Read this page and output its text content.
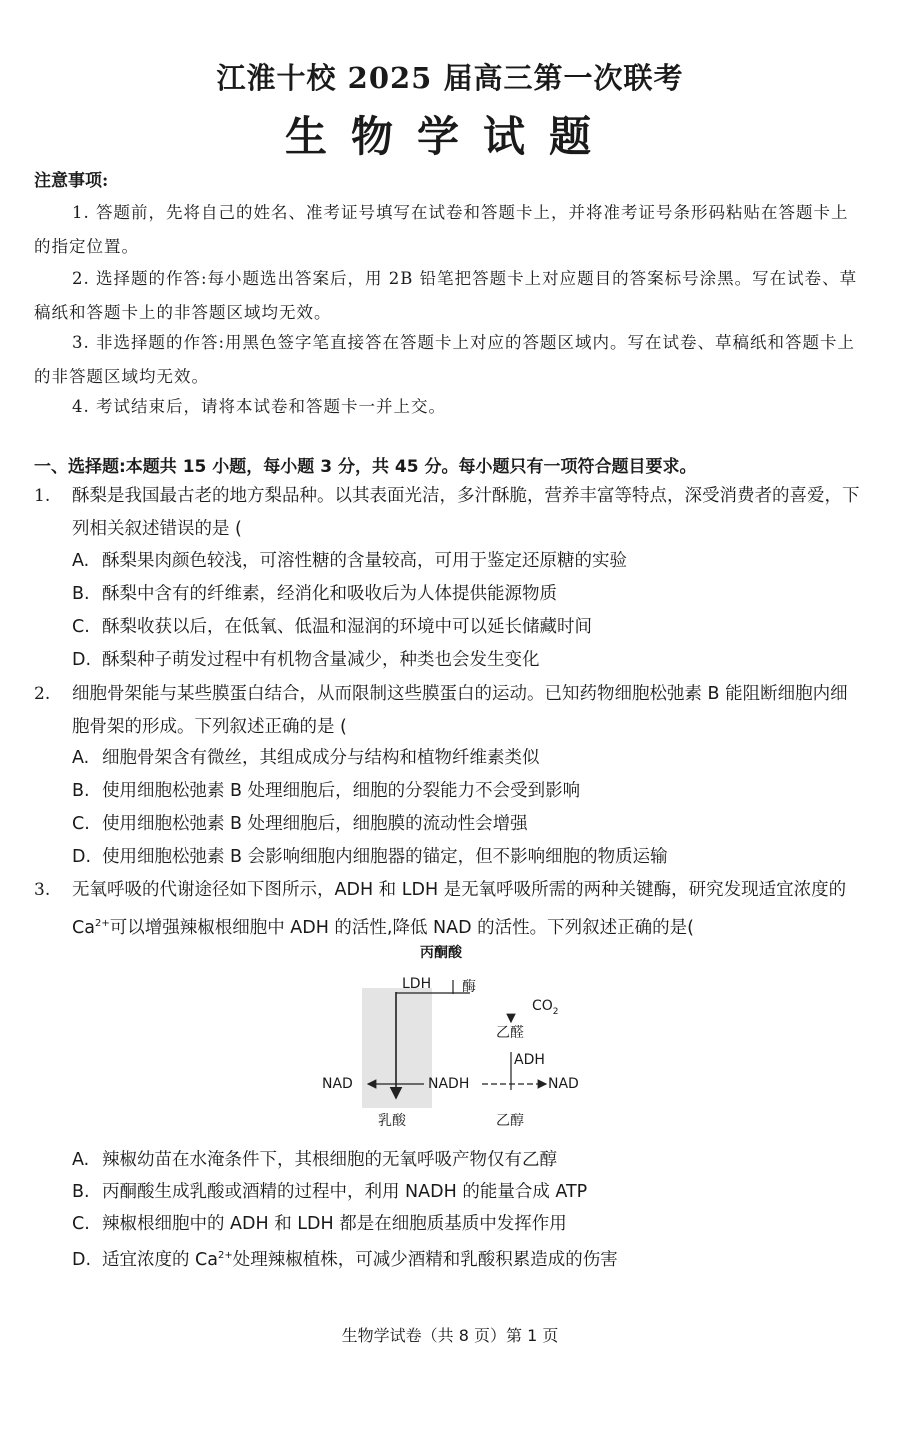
江淮十校 2025 届高三第一次联考
生物学试题
注意事项:
1. 答题前，先将自己的姓名、准考证号填写在试卷和答题卡上，并将准考证号条形码粘贴在答题卡上的指定位置。
2. 选择题的作答:每小题选出答案后，用 2B 铅笔把答题卡上对应题目的答案标号涂黑。写在试卷、草稿纸和答题卡上的非答题区域均无效。
3. 非选择题的作答:用黑色签字笔直接答在答题卡上对应的答题区域内。写在试卷、草稿纸和答题卡上的非答题区域均无效。
4. 考试结束后，请将本试卷和答题卡一并上交。
一、选择题:本题共 15 小题，每小题 3 分，共 45 分。每小题只有一项符合题目要求。
1. 酥梨是我国最古老的地方梨品种。以其表面光洁，多汁酥脆，营养丰富等特点，深受消费者的喜爱，下列相关叙述错误的是 (
A. 酥梨果肉颜色较浅，可溶性糖的含量较高，可用于鉴定还原糖的实验
B. 酥梨中含有的纤维素，经消化和吸收后为人体提供能源物质
C. 酥梨收获以后，在低氧、低温和湿润的环境中可以延长储藏时间
D. 酥梨种子萌发过程中有机物含量减少，种类也会发生变化
2. 细胞骨架能与某些膜蛋白结合，从而限制这些膜蛋白的运动。已知药物细胞松弛素 B 能阻断细胞内细胞骨架的形成。下列叙述正确的是 (
A. 细胞骨架含有微丝，其组成成分与结构和植物纤维素类似
B. 使用细胞松弛素 B 处理细胞后，细胞的分裂能力不会受到影响
C. 使用细胞松弛素 B 处理细胞后，细胞膜的流动性会增强
D. 使用细胞松弛素 B 会影响细胞内细胞器的锚定，但不影响细胞的物质运输
3. 无氧呼吸的代谢途径如下图所示，ADH 和 LDH 是无氧呼吸所需的两种关键酶，研究发现适宜浓度的 $Ca^{2+}$可以增强辣椒根细胞中 ADH 的活性,降低 NAD 的活性。下列叙述正确的是(
丙酮酸
LDH 酶
$CO_2$
乙醛
ADH
NAD	NADH	NAD
乳酸	乙醇
A. 辣椒幼苗在水淹条件下，其根细胞的无氧呼吸产物仅有乙醇
B. 丙酮酸生成乳酸或酒精的过程中，利用 NADH 的能量合成 ATP
C. 辣椒根细胞中的 ADH 和 LDH 都是在细胞质基质中发挥作用
D. 适宜浓度的 $Ca^{2+}$处理辣椒植株，可减少酒精和乳酸积累造成的伤害
生物学试卷（共 8 页）第 1 页
